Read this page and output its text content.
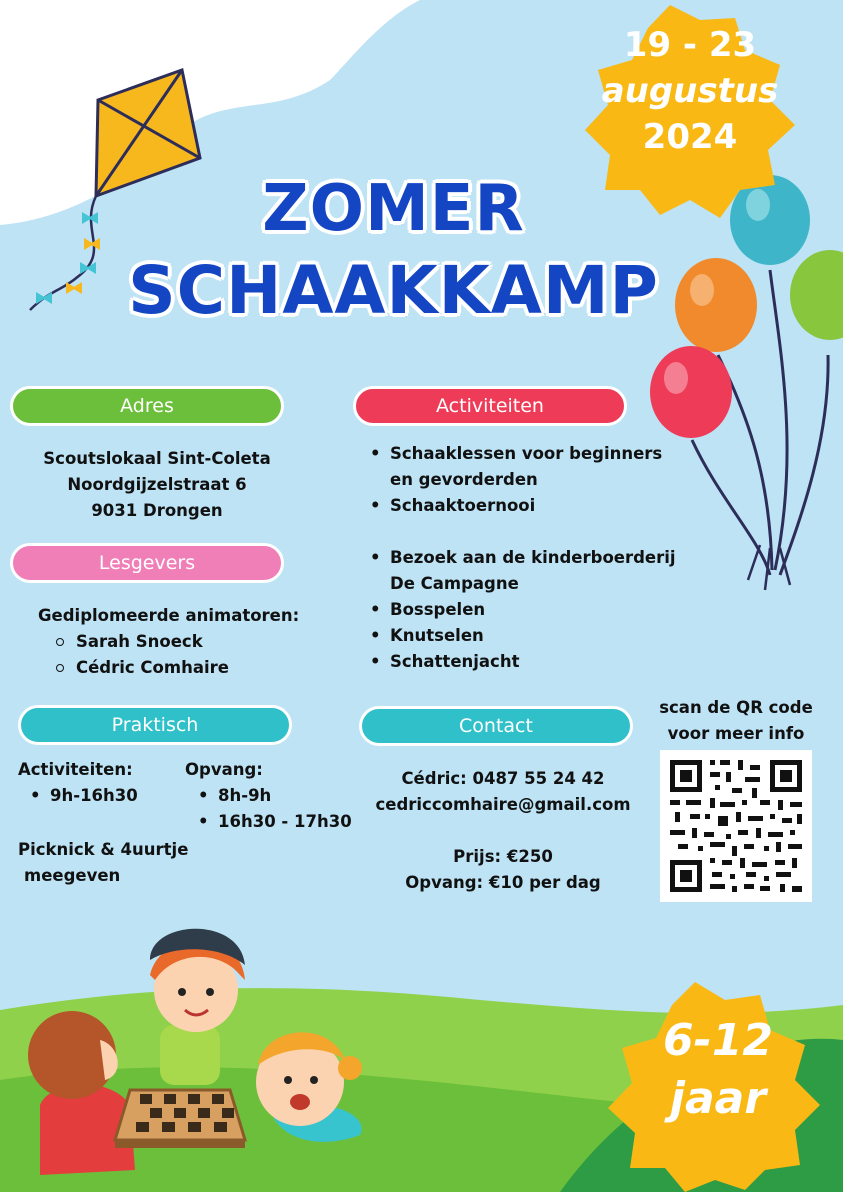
19 - 23
augustus
2024
ZOMER
SCHAAKKAMP
Adres
Scoutslokaal Sint-Coleta
Noordgijzelstraat 6
9031 Drongen
Activiteiten
• Schaaklessen voor beginners en gevorderden
• Schaaktoernooi
• Bezoek aan de kinderboerderij De Campagne
• Bosspelen
• Knutselen
• Schattenjacht
Lesgevers
Gediplomeerde animatoren:
Sarah Snoeck
Cédric Comhaire
Praktisch
Activiteiten:
• 9h-16h30
Opvang:
• 8h-9h
• 16h30 - 17h30
Picknick & 4uurtje
meegeven
Contact
Cédric: 0487 55 24 42
cedriccomhaire@gmail.com
Prijs: €250
Opvang: €10 per dag
scan de QR code
voor meer info
6-12
jaar
